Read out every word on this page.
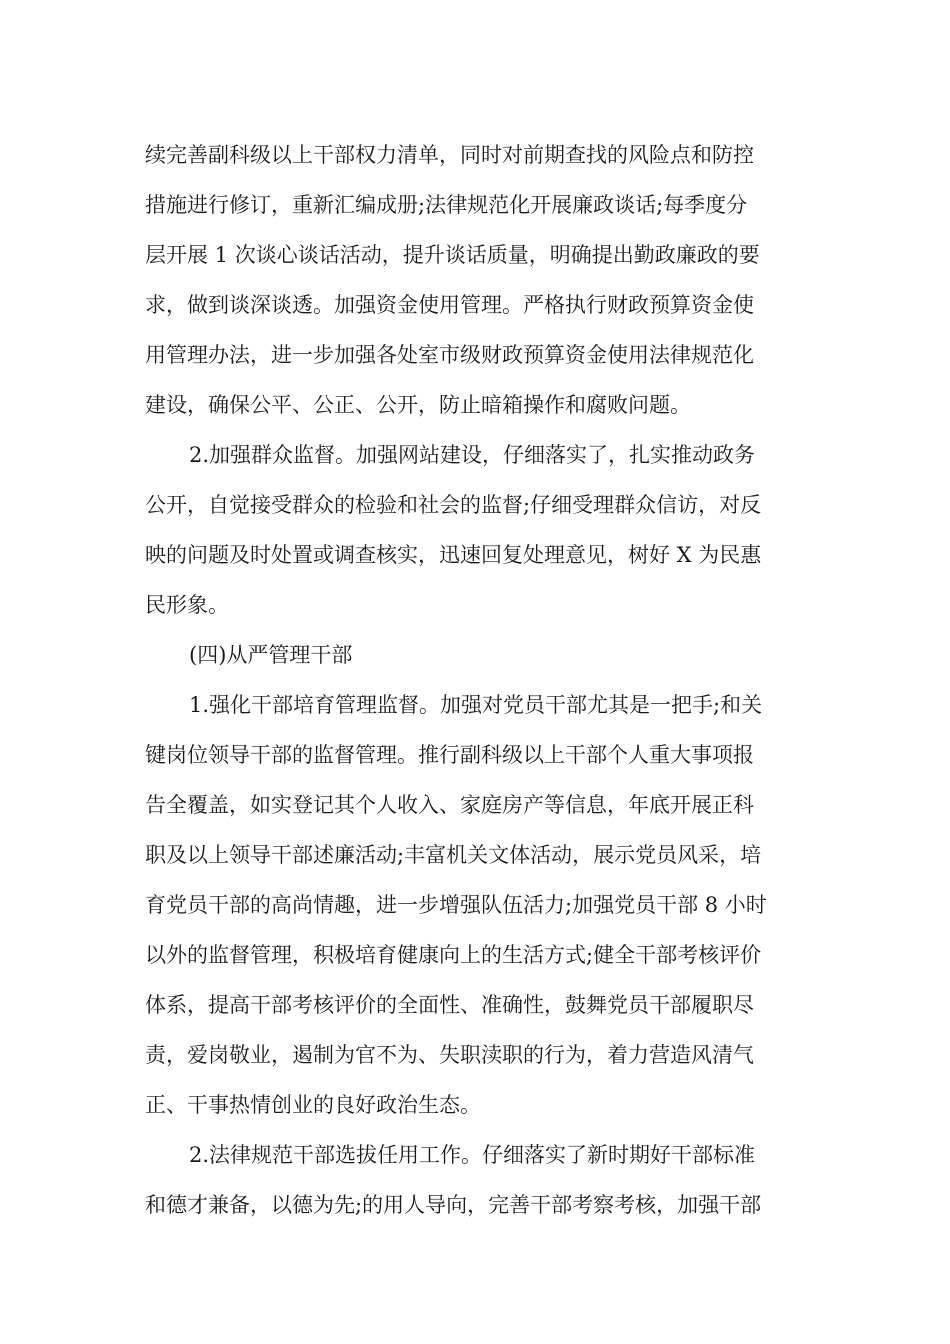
续完善副科级以上干部权力清单，同时对前期查找的风险点和防控
措施进行修订，重新汇编成册;法律规范化开展廉政谈话;每季度分
层开展 1 次谈心谈话活动，提升谈话质量，明确提出勤政廉政的要
求，做到谈深谈透。加强资金使用管理。严格执行财政预算资金使
用管理办法，进一步加强各处室市级财政预算资金使用法律规范化
建设，确保公平、公正、公开，防止暗箱操作和腐败问题。
2.加强群众监督。加强网站建设，仔细落实了，扎实推动政务
公开，自觉接受群众的检验和社会的监督;仔细受理群众信访，对反
映的问题及时处置或调查核实，迅速回复处理意见，树好 X 为民惠
民形象。
(四)从严管理干部
1.强化干部培育管理监督。加强对党员干部尤其是一把手;和关
键岗位领导干部的监督管理。推行副科级以上干部个人重大事项报
告全覆盖，如实登记其个人收入、家庭房产等信息，年底开展正科
职及以上领导干部述廉活动;丰富机关文体活动，展示党员风采，培
育党员干部的高尚情趣，进一步增强队伍活力;加强党员干部 8 小时
以外的监督管理，积极培育健康向上的生活方式;健全干部考核评价
体系，提高干部考核评价的全面性、准确性，鼓舞党员干部履职尽
责，爱岗敬业，遏制为官不为、失职渎职的行为，着力营造风清气
正、干事热情创业的良好政治生态。
2.法律规范干部选拔任用工作。仔细落实了新时期好干部标准
和德才兼备，以德为先;的用人导向，完善干部考察考核，加强干部
